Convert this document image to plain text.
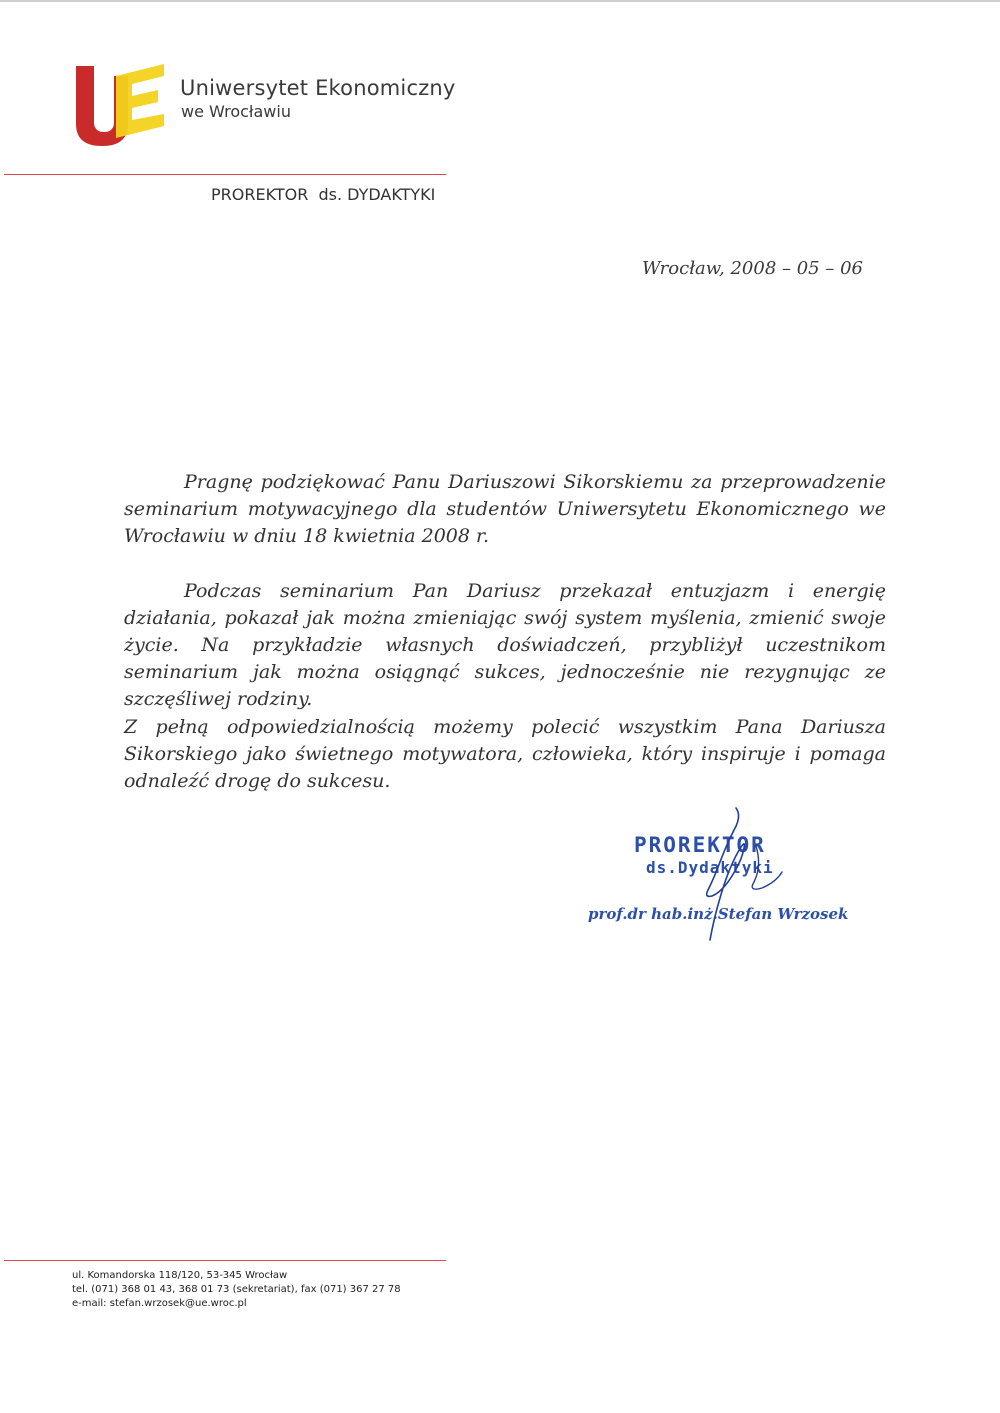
Uniwersytet Ekonomiczny
we Wrocławiu
PROREKTOR  ds. DYDAKTYKI
Wrocław, 2008 – 05 – 06

Pragnę podziękować Panu Dariuszowi Sikorskiemu za przeprowadzenie seminarium motywacyjnego dla studentów Uniwersytetu Ekonomicznego we Wrocławiu w dniu 18 kwietnia 2008 r.

Podczas seminarium Pan Dariusz przekazał entuzjazm i energię działania, pokazał jak można zmieniając swój system myślenia, zmienić swoje życie. Na przykładzie własnych doświadczeń, przybliżył uczestnikom seminarium jak można osiągnąć sukces, jednocześnie nie rezygnując ze szczęśliwej rodziny.

Z pełną odpowiedzialnością możemy polecić wszystkim Pana Dariusza Sikorskiego jako świetnego motywatora, człowieka, który inspiruje i pomaga odnaleźć drogę do sukcesu.

PROREKTOR
ds.Dydaktyki
prof.dr hab.inż.Stefan Wrzosek
ul. Komandorska 118/120, 53-345 Wrocław
tel. (071) 368 01 43, 368 01 73 (sekretariat), fax (071) 367 27 78
e-mail: stefan.wrzosek@ue.wroc.pl
